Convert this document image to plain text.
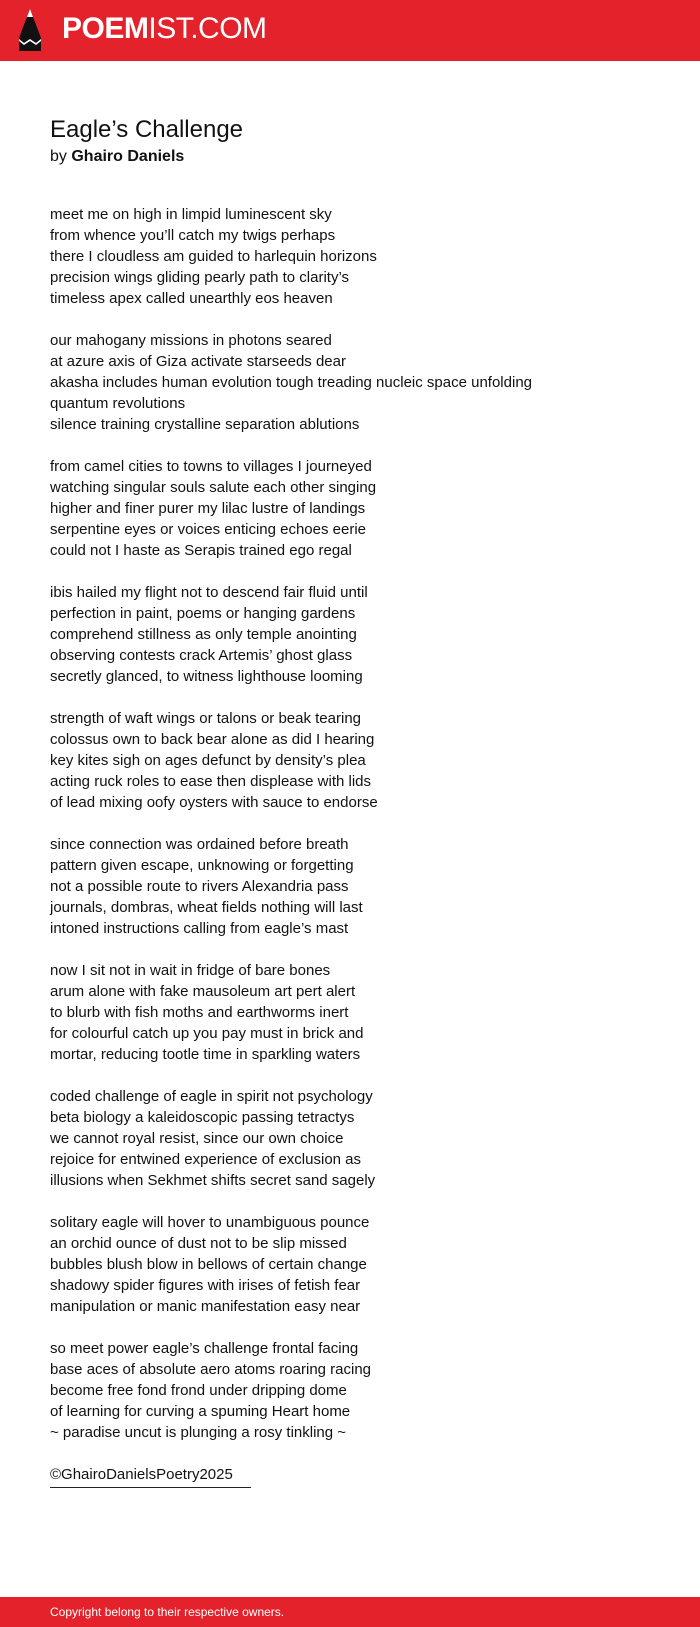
POEMIST.COM
Eagle’s Challenge

by Ghairo Daniels

meet me on high in limpid luminescent sky
from whence you’ll catch my twigs perhaps
there I cloudless am guided to harlequin horizons
precision wings gliding pearly path to clarity’s
timeless apex called unearthly eos heaven
our mahogany missions in photons seared
at azure axis of Giza activate starseeds dear
akasha includes human evolution tough treading nucleic space unfolding
quantum revolutions
silence training crystalline separation ablutions
from camel cities to towns to villages I journeyed
watching singular souls salute each other singing
higher and finer purer my lilac lustre of landings
serpentine eyes or voices enticing echoes eerie
could not I haste as Serapis trained ego regal
ibis hailed my flight not to descend fair fluid until
perfection in paint, poems or hanging gardens
comprehend stillness as only temple anointing
observing contests crack Artemis’ ghost glass
secretly glanced, to witness lighthouse looming
strength of waft wings or talons or beak tearing
colossus own to back bear alone as did I hearing
key kites sigh on ages defunct by density’s plea
acting ruck roles to ease then displease with lids
of lead mixing oofy oysters with sauce to endorse
since connection was ordained before breath
pattern given escape, unknowing or forgetting
not a possible route to rivers Alexandria pass
journals, dombras, wheat fields nothing will last
intoned instructions calling from eagle’s mast
now I sit not in wait in fridge of bare bones
arum alone with fake mausoleum art pert alert
to blurb with fish moths and earthworms inert
for colourful catch up you pay must in brick and
mortar, reducing tootle time in sparkling waters
coded challenge of eagle in spirit not psychology
beta biology a kaleidoscopic passing tetractys
we cannot royal resist, since our own choice
rejoice for entwined experience of exclusion as
illusions when Sekhmet shifts secret sand sagely
solitary eagle will hover to unambiguous pounce
an orchid ounce of dust not to be slip missed
bubbles blush blow in bellows of certain change
shadowy spider figures with irises of fetish fear
manipulation or manic manifestation easy near
so meet power eagle’s challenge frontal facing
base aces of absolute aero atoms roaring racing
become free fond frond under dripping dome
of learning for curving a spuming Heart home
~ paradise uncut is plunging a rosy tinkling ~
©GhairoDanielsPoetry2025
Copyright belong to their respective owners.
